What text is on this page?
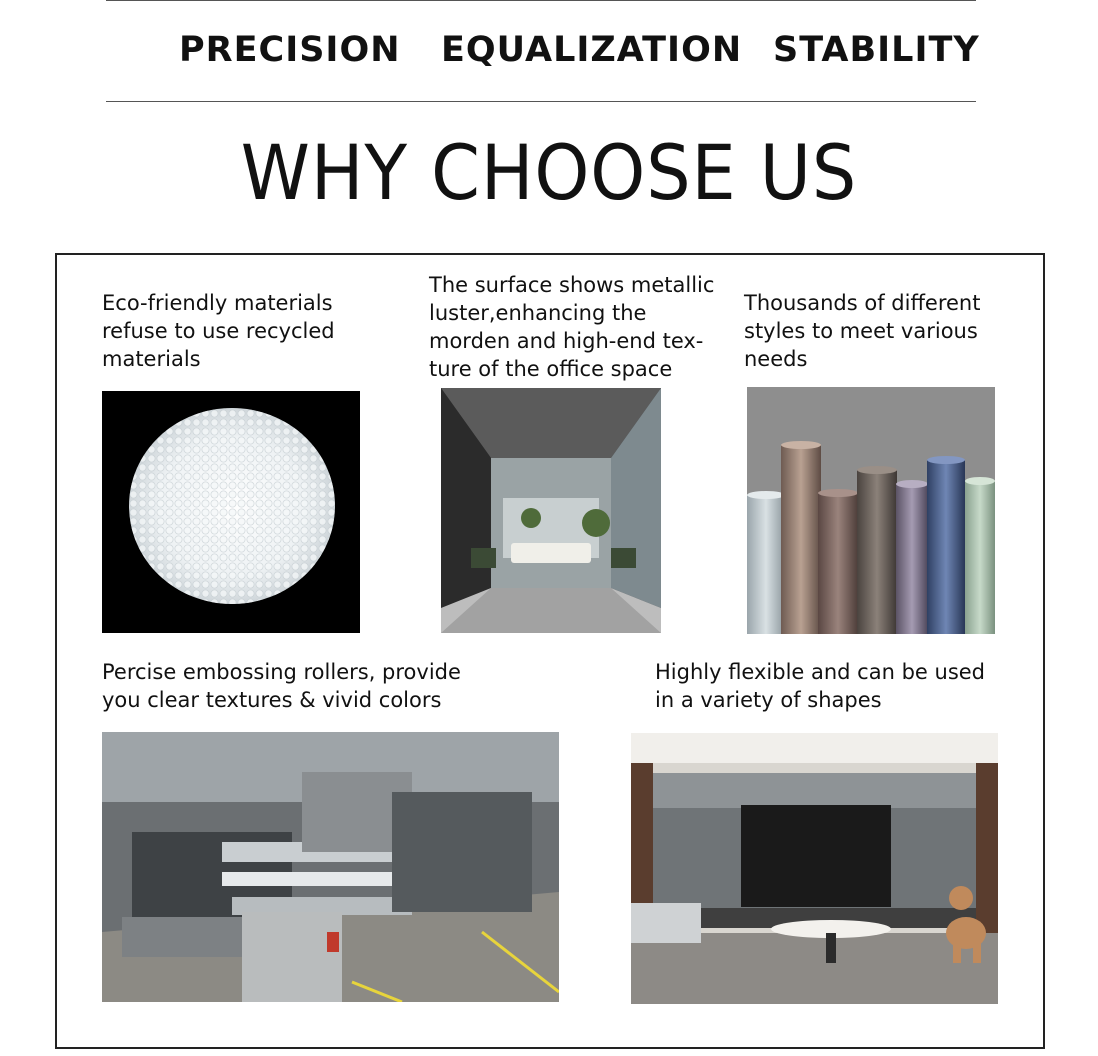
PRECISION EQUALIZATION STABILITY
WHY CHOOSE US
Eco-friendly materials
refuse to use recycled
materials
The surface shows metallic
luster,enhancing the
morden and high-end tex-
ture of the office space
Thousands of different
styles to meet various
needs
Percise embossing rollers, provide
you clear textures & vivid colors
Highly flexible and can be used
in a variety of shapes
